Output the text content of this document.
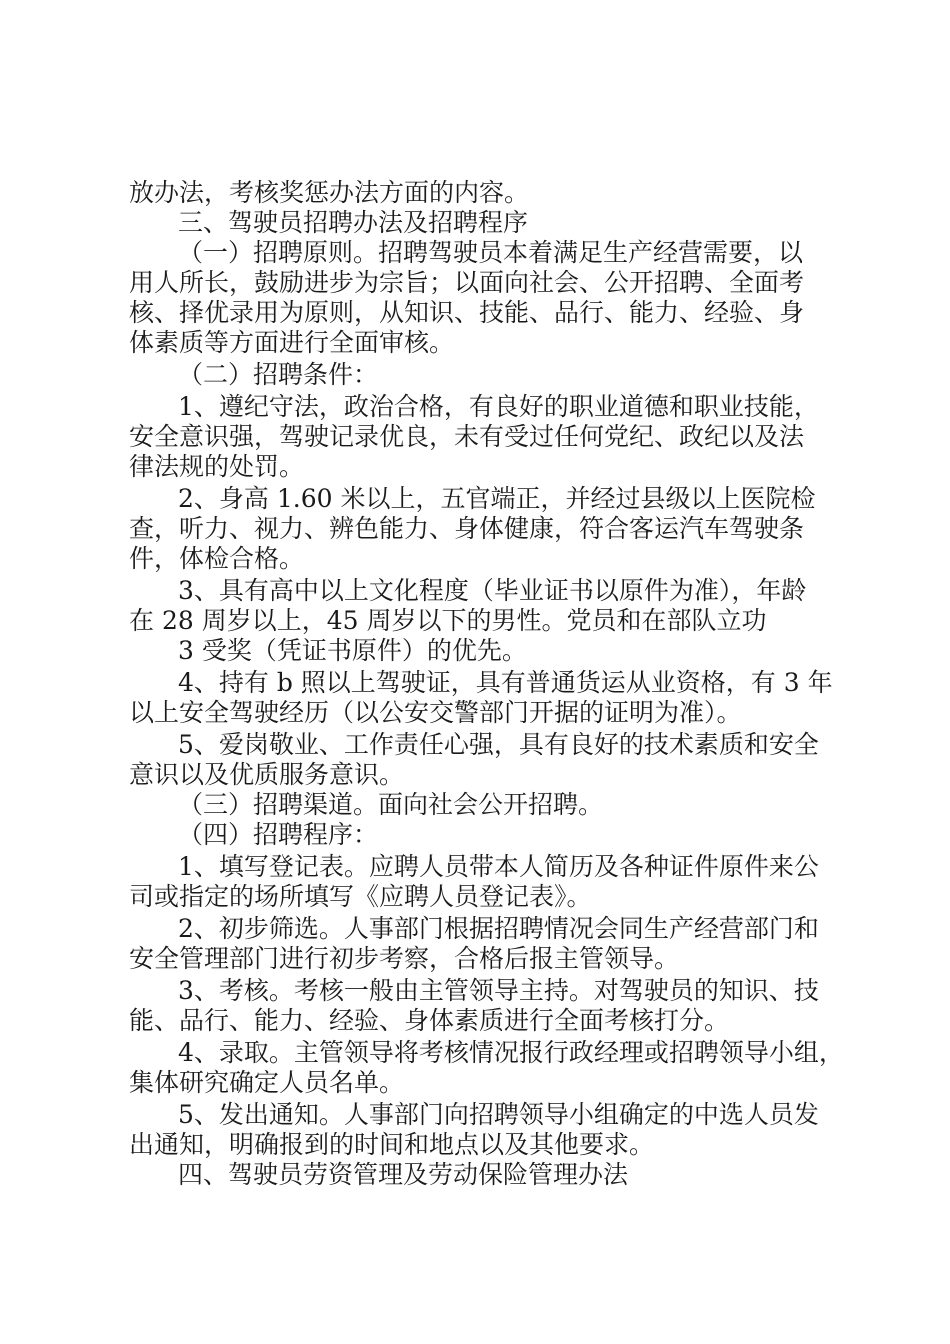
放办法，考核奖惩办法方面的内容。
三、驾驶员招聘办法及招聘程序
（一）招聘原则。招聘驾驶员本着满足生产经营需要，以
用人所长，鼓励进步为宗旨；以面向社会、公开招聘、全面考
核、择优录用为原则，从知识、技能、品行、能力、经验、身
体素质等方面进行全面审核。
（二）招聘条件：
1、遵纪守法，政治合格，有良好的职业道德和职业技能，
安全意识强，驾驶记录优良，未有受过任何党纪、政纪以及法
律法规的处罚。
2、身高 1.60 米以上，五官端正，并经过县级以上医院检
查，听力、视力、辨色能力、身体健康，符合客运汽车驾驶条
件，体检合格。
3、具有高中以上文化程度（毕业证书以原件为准），年龄
在 28 周岁以上，45 周岁以下的男性。党员和在部队立功
3 受奖（凭证书原件）的优先。
4、持有 b 照以上驾驶证，具有普通货运从业资格，有 3 年
以上安全驾驶经历（以公安交警部门开据的证明为准）。
5、爱岗敬业、工作责任心强，具有良好的技术素质和安全
意识以及优质服务意识。
（三）招聘渠道。面向社会公开招聘。
（四）招聘程序：
1、填写登记表。应聘人员带本人简历及各种证件原件来公
司或指定的场所填写《应聘人员登记表》。
2、初步筛选。人事部门根据招聘情况会同生产经营部门和
安全管理部门进行初步考察，合格后报主管领导。
3、考核。考核一般由主管领导主持。对驾驶员的知识、技
能、品行、能力、经验、身体素质进行全面考核打分。
4、录取。主管领导将考核情况报行政经理或招聘领导小组，
集体研究确定人员名单。
5、发出通知。人事部门向招聘领导小组确定的中选人员发
出通知，明确报到的时间和地点以及其他要求。
四、驾驶员劳资管理及劳动保险管理办法
